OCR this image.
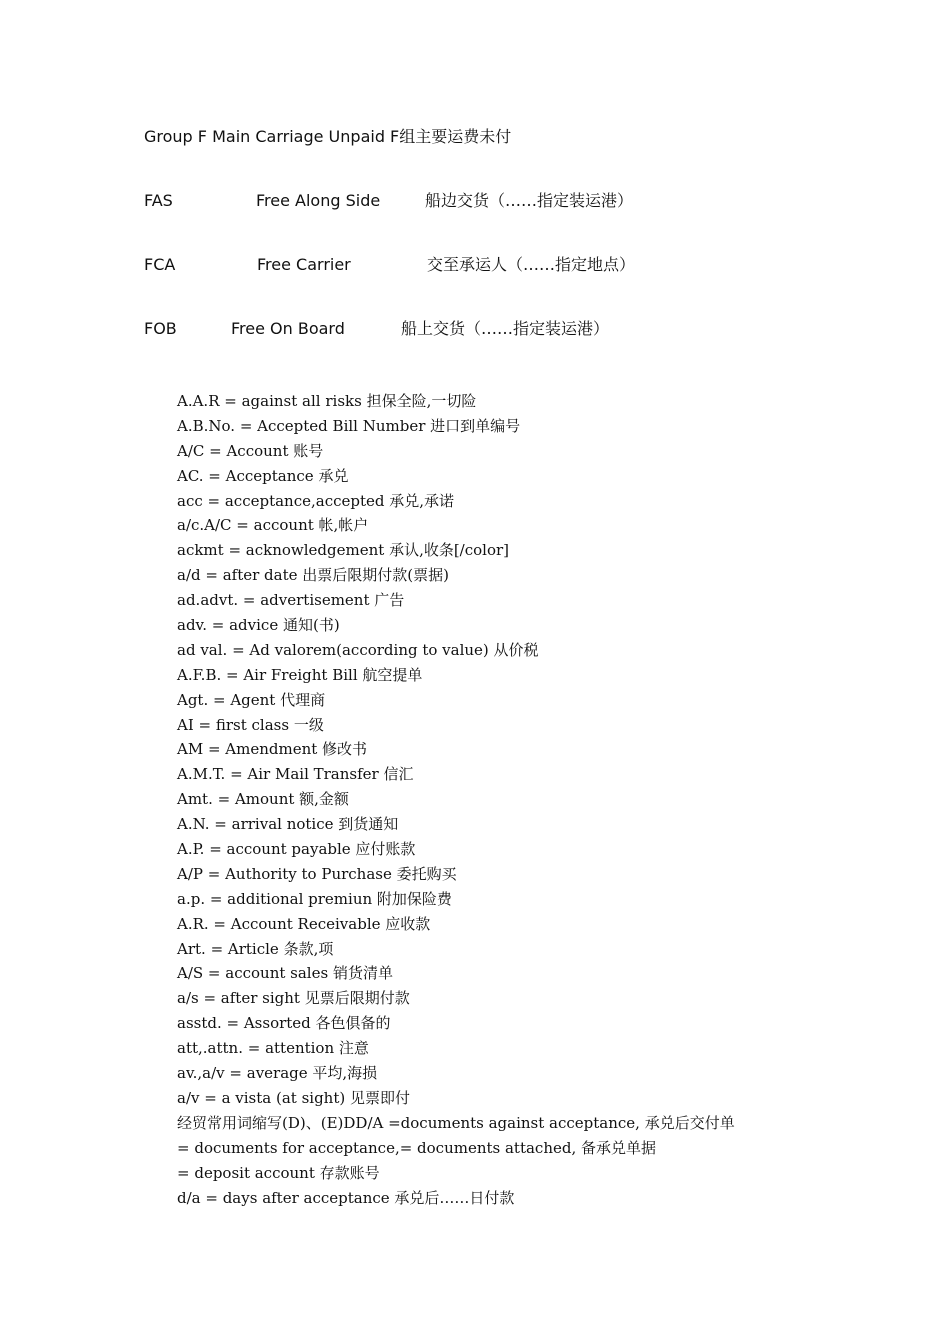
Group F Main Carriage Unpaid F组主要运费未付
FAS	Free Along Side	船边交货（……指定装运港）
FCA	Free Carrier	交至承运人（……指定地点）
FOB	Free On Board	船上交货（……指定装运港）
A.A.R = against all risks 担保全险,一切险
A.B.No. = Accepted Bill Number 进口到单编号
A/C = Account 账号
AC. = Acceptance 承兑
acc = acceptance,accepted 承兑,承诺
a/c.A/C = account 帐,帐户
ackmt = acknowledgement 承认,收条[/color]
a/d = after date 出票后限期付款(票据)
ad.advt. = advertisement 广告
adv. = advice 通知(书)
ad val. = Ad valorem(according to value) 从价税
A.F.B. = Air Freight Bill 航空提单
Agt. = Agent 代理商
AI = first class 一级
AM = Amendment 修改书
A.M.T. = Air Mail Transfer 信汇
Amt. = Amount 额,金额
A.N. = arrival notice 到货通知
A.P. = account payable 应付账款
A/P = Authority to Purchase 委托购买
a.p. = additional premiun 附加保险费
A.R. = Account Receivable 应收款
Art. = Article 条款,项
A/S = account sales 销货清单
a/s = after sight 见票后限期付款
asstd. = Assorted 各色俱备的
att,.attn. = attention 注意
av.,a/v = average 平均,海损
a/v = a vista (at sight) 见票即付
经贸常用词缩写(D)、(E)DD/A =documents against acceptance, 承兑后交付单
= documents for acceptance,= documents attached, 备承兑单据
= deposit account 存款账号
d/a = days after acceptance 承兑后……日付款
